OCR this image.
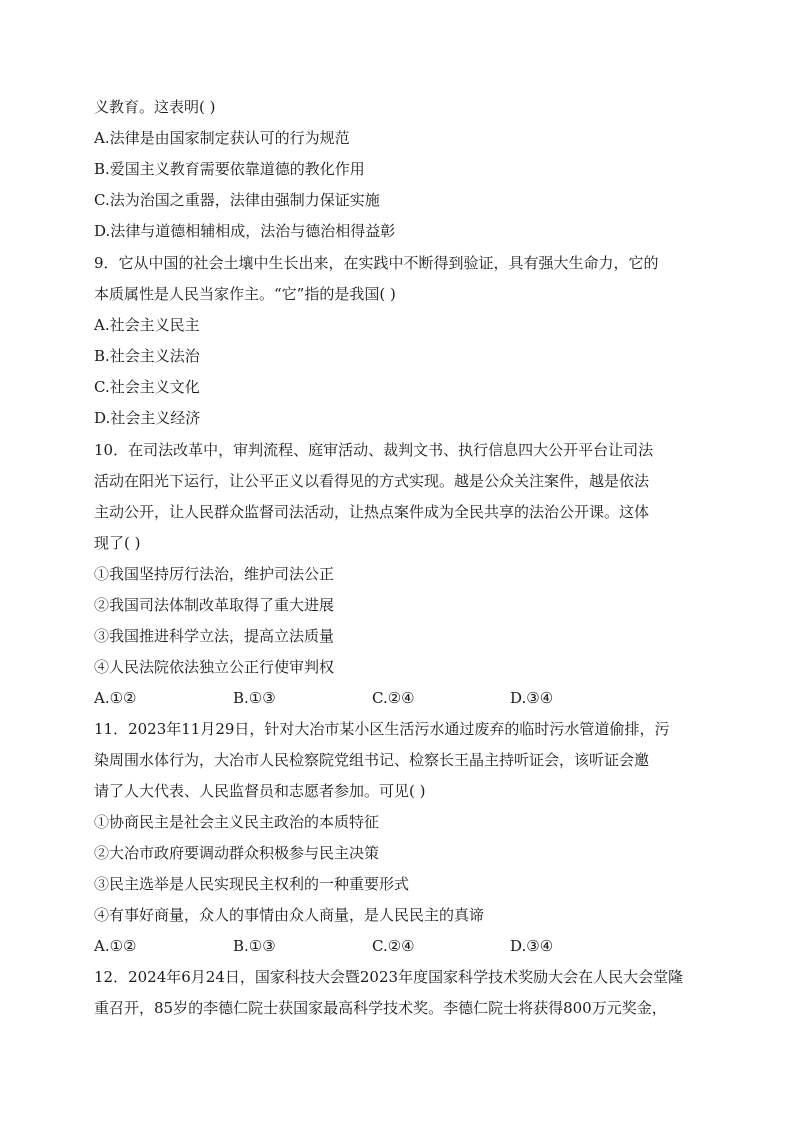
义教育。这表明( )
A.法律是由国家制定获认可的行为规范
B.爱国主义教育需要依靠道德的教化作用
C.法为治国之重器，法律由强制力保证实施
D.法律与道德相辅相成，法治与德治相得益彰
9．它从中国的社会土壤中生长出来，在实践中不断得到验证，具有强大生命力，它的
本质属性是人民当家作主。“它”指的是我国( )
A.社会主义民主
B.社会主义法治
C.社会主义文化
D.社会主义经济
10．在司法改革中，审判流程、庭审活动、裁判文书、执行信息四大公开平台让司法
活动在阳光下运行，让公平正义以看得见的方式实现。越是公众关注案件，越是依法
主动公开，让人民群众监督司法活动，让热点案件成为全民共享的法治公开课。这体
现了( )
①我国坚持厉行法治，维护司法公正
②我国司法体制改革取得了重大进展
③我国推进科学立法，提高立法质量
④人民法院依法独立公正行使审判权
A.①②	B.①③	C.②④	D.③④
11．2023年11月29日，针对大冶市某小区生活污水通过废弃的临时污水管道偷排，污
染周围水体行为，大冶市人民检察院党组书记、检察长王晶主持听证会，该听证会邀
请了人大代表、人民监督员和志愿者参加。可见( )
①协商民主是社会主义民主政治的本质特征
②大冶市政府要调动群众积极参与民主决策
③民主选举是人民实现民主权利的一种重要形式
④有事好商量，众人的事情由众人商量，是人民民主的真谛
A.①②	B.①③	C.②④	D.③④
12．2024年6月24日，国家科技大会暨2023年度国家科学技术奖励大会在人民大会堂隆
重召开，85岁的李德仁院士获国家最高科学技术奖。李德仁院士将获得800万元奖金，
